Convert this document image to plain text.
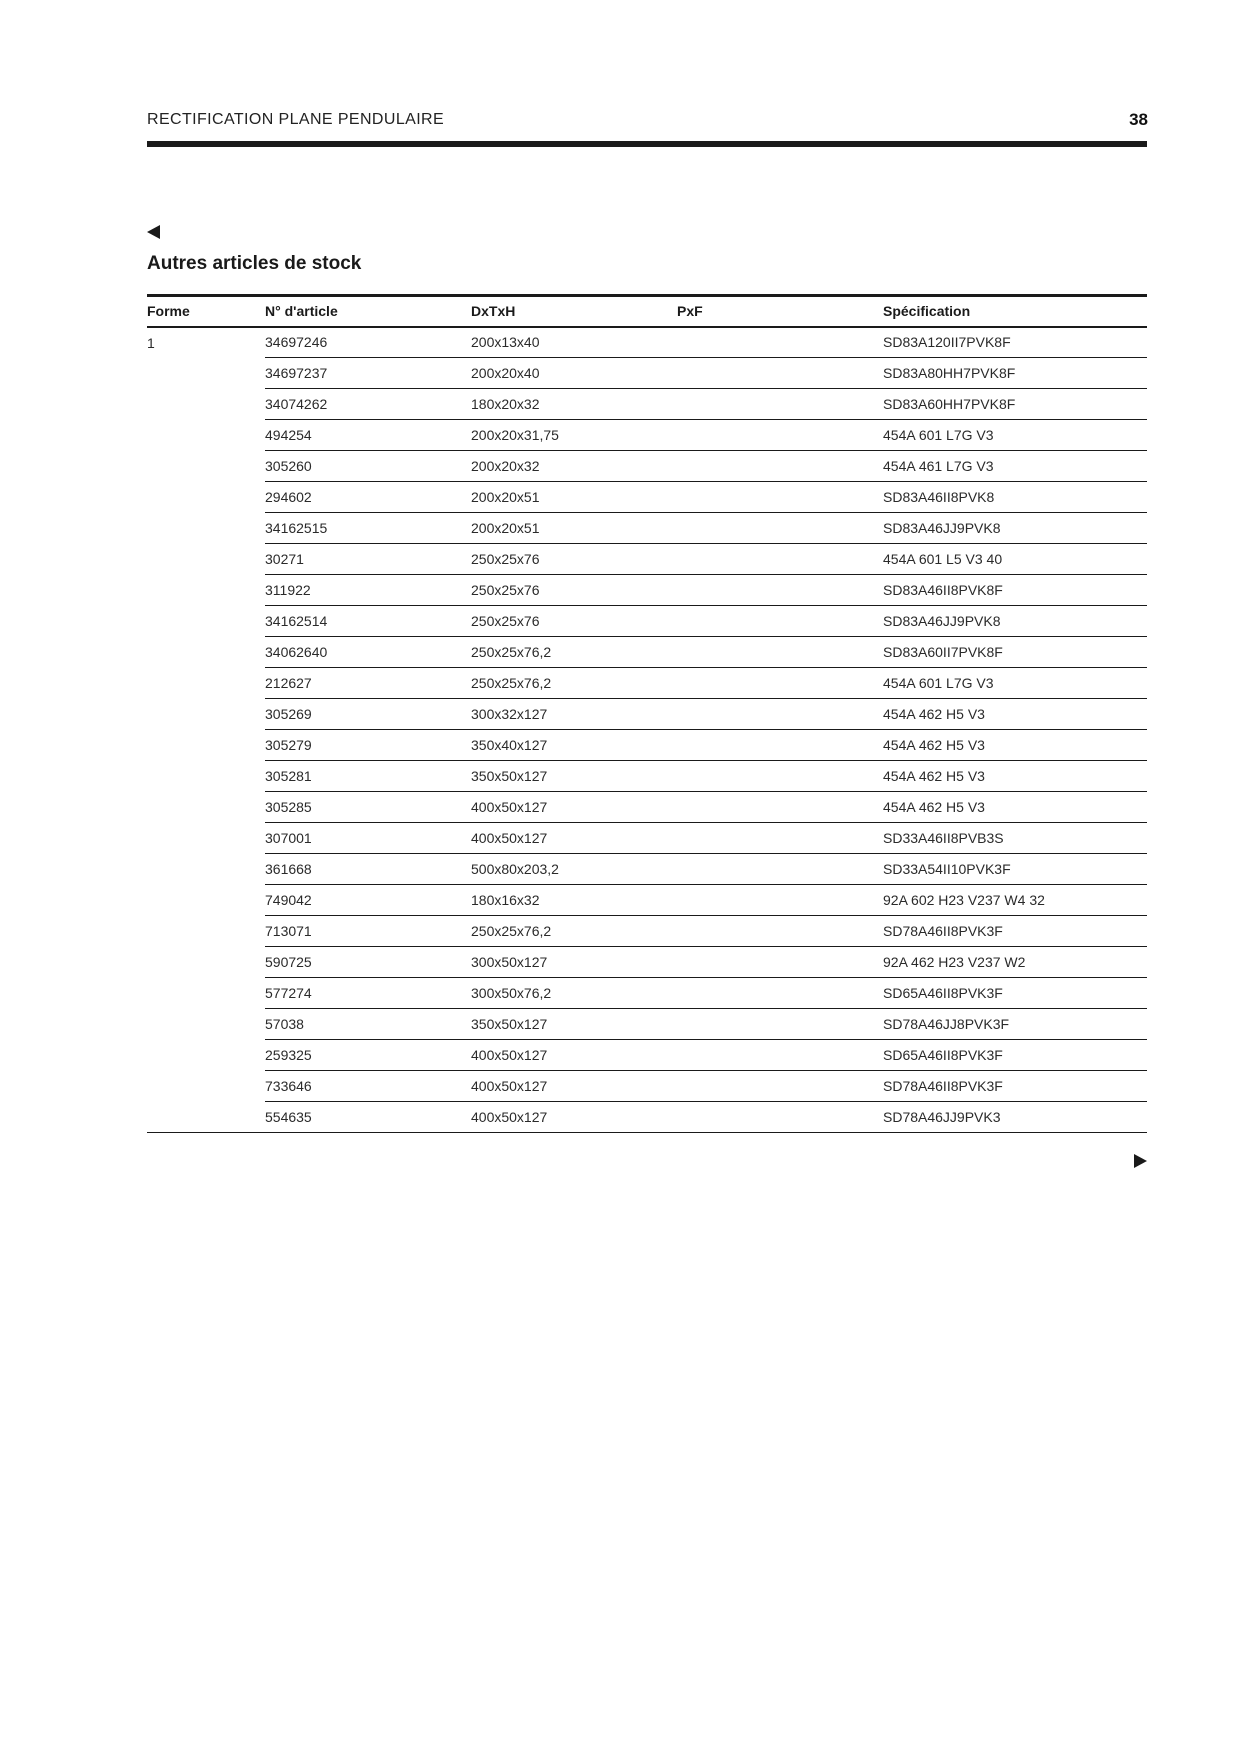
RECTIFICATION PLANE PENDULAIRE	38
Autres articles de stock
Forme	N° d'article	DxTxH	PxF	Spécification
1	34697246	200x13x40		SD83A120II7PVK8F
	34697237	200x20x40		SD83A80HH7PVK8F
	34074262	180x20x32		SD83A60HH7PVK8F
	494254	200x20x31,75		454A 601 L7G V3
	305260	200x20x32		454A 461 L7G V3
	294602	200x20x51		SD83A46II8PVK8
	34162515	200x20x51		SD83A46JJ9PVK8
	30271	250x25x76		454A 601 L5 V3 40
	311922	250x25x76		SD83A46II8PVK8F
	34162514	250x25x76		SD83A46JJ9PVK8
	34062640	250x25x76,2		SD83A60II7PVK8F
	212627	250x25x76,2		454A 601 L7G V3
	305269	300x32x127		454A 462 H5 V3
	305279	350x40x127		454A 462 H5 V3
	305281	350x50x127		454A 462 H5 V3
	305285	400x50x127		454A 462 H5 V3
	307001	400x50x127		SD33A46II8PVB3S
	361668	500x80x203,2		SD33A54II10PVK3F
	749042	180x16x32		92A 602 H23 V237 W4 32
	713071	250x25x76,2		SD78A46II8PVK3F
	590725	300x50x127		92A 462 H23 V237 W2
	577274	300x50x76,2		SD65A46II8PVK3F
	57038	350x50x127		SD78A46JJ8PVK3F
	259325	400x50x127		SD65A46II8PVK3F
	733646	400x50x127		SD78A46II8PVK3F
	554635	400x50x127		SD78A46JJ9PVK3
